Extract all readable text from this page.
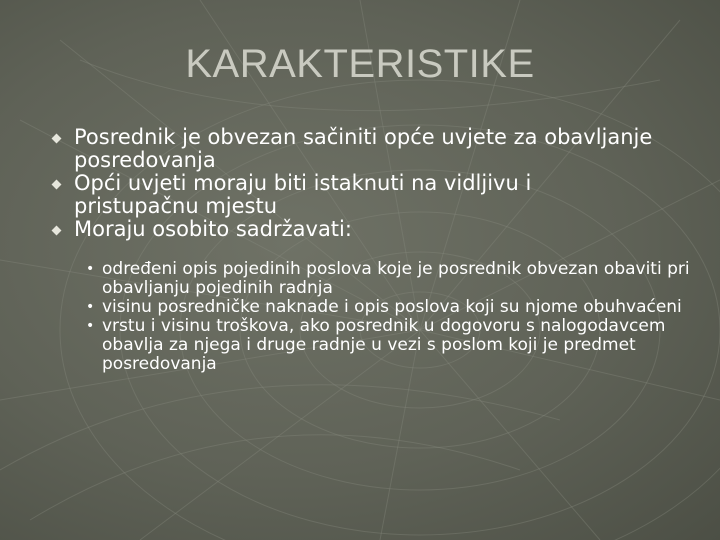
KARAKTERISTIKE
Posrednik je obvezan sačiniti opće uvjete za obavljanje posredovanja
Opći uvjeti moraju biti istaknuti na vidljivu i pristupačnu mjestu
Moraju osobito sadržavati:
• određeni opis pojedinih poslova koje je posrednik obvezan obaviti pri obavljanju pojedinih radnja
• visinu posredničke naknade i opis poslova koji su njome obuhvaćeni
• vrstu i visinu troškova, ako posrednik u dogovoru s nalogodavcem obavlja za njega i druge radnje u vezi s poslom koji je predmet posredovanja
